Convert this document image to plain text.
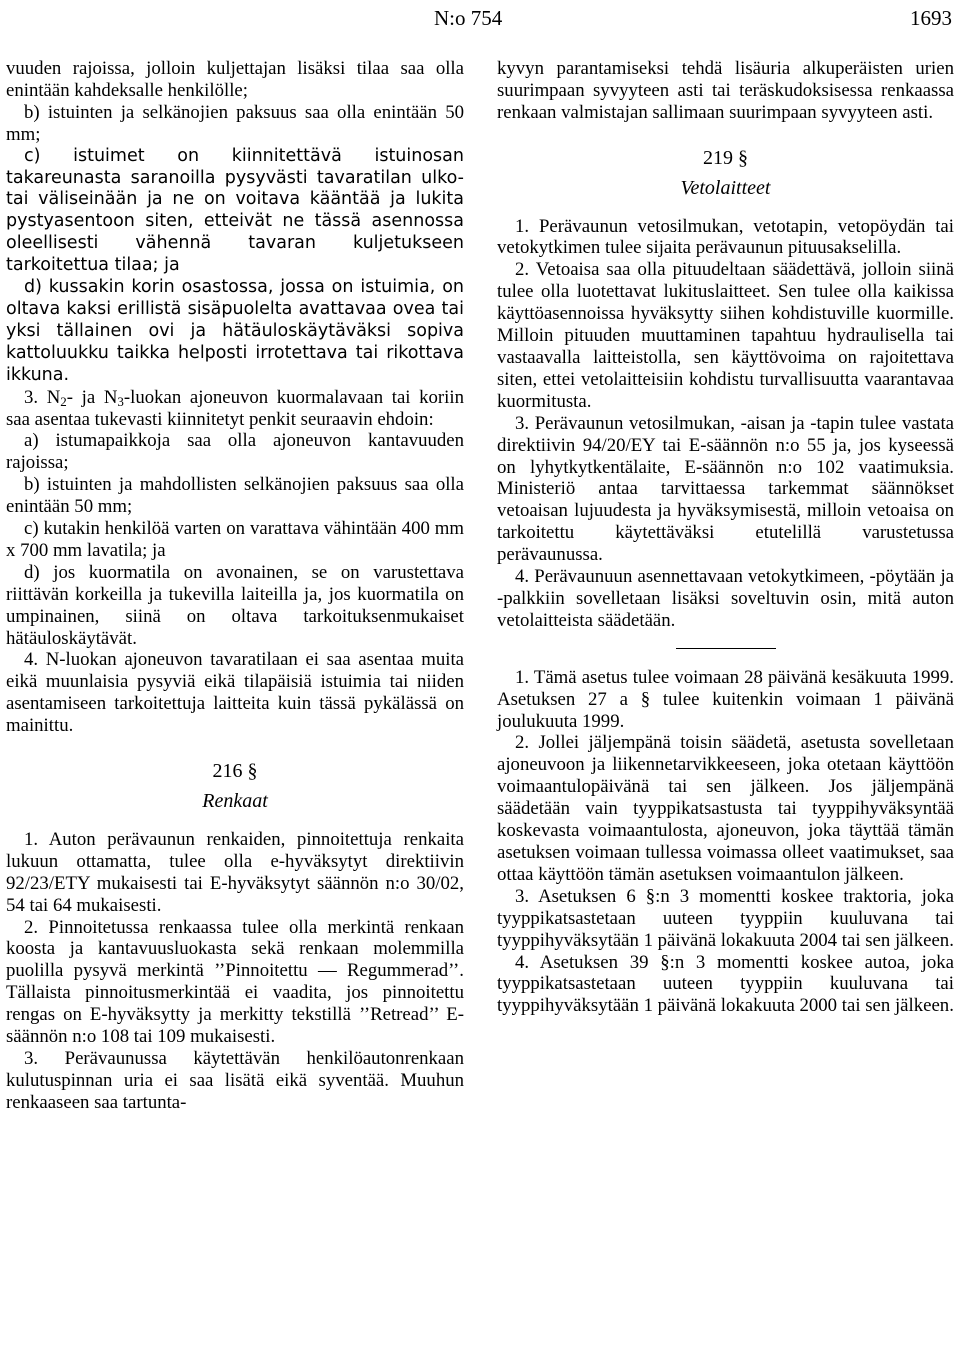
N:o 754	1693

vuuden rajoissa, jolloin kuljettajan lisäksi tilaa saa olla enintään kahdeksalle henkilölle;

b) istuinten ja selkänojien paksuus saa olla enintään 50 mm;

c) istuimet on kiinnitettävä istuinosan takareunasta saranoilla pysyvästi tavaratilan ulko- tai väliseinään ja ne on voitava kääntää ja lukita pystyasentoon siten, etteivät ne tässä asennossa oleellisesti vähennä tavaran kuljetukseen tarkoitettua tilaa; ja

d) kussakin korin osastossa, jossa on istuimia, on oltava kaksi erillistä sisäpuolelta avattavaa ovea tai yksi tällainen ovi ja hätäuloskäytäväksi sopiva kattoluukku taikka helposti irrotettava tai rikottava ikkuna.

3. $N_2-$ ja $N_3$-luokan ajoneuvon kuormalavaan tai koriin saa asentaa tukevasti kiinnitetyt penkit seuraavin ehdoin:

a) istumapaikkoja saa olla ajoneuvon kantavuuden rajoissa;

b) istuinten ja mahdollisten selkänojien paksuus saa olla enintään 50 mm;

c) kutakin henkilöä varten on varattava vähintään 400 mm x 700 mm lavatila; ja

d) jos kuormatila on avonainen, se on varustettava riittävän korkeilla ja tukevilla laiteilla ja, jos kuormatila on umpinainen, siinä on oltava tarkoituksenmukaiset hätäuloskäytävät.

4. N-luokan ajoneuvon tavaratilaan ei saa asentaa muita eikä muunlaisia pysyviä eikä tilapäisiä istuimia tai niiden asentamiseen tarkoitettuja laitteita kuin tässä pykälässä on mainittu.

216 §
Renkaat

1. Auton perävaunun renkaiden, pinnoitettuja renkaita lukuun ottamatta, tulee olla e-hyväksytyt direktiivin 92/23/ETY mukaisesti tai E-hyväksytyt säännön n:o 30/02, 54 tai 64 mukaisesti.

2. Pinnoitetussa renkaassa tulee olla merkintä renkaan koosta ja kantavuusluokasta sekä renkaan molemmilla puolilla pysyvä merkintä ’’Pinnoitettu — Regummerad’’. Tällaista pinnoitusmerkintää ei vaadita, jos pinnoitettu rengas on E-hyväksytty ja merkitty tekstillä ’’Retread’’ E-säännön n:o 108 tai 109 mukaisesti.

3. Perävaunussa käytettävän henkilöautonrenkaan kulutuspinnan uria ei saa lisätä eikä syventää. Muuhun renkaaseen saa tartunta-

kyvyn parantamiseksi tehdä lisäuria alkuperäisten urien suurimpaan syvyyteen asti tai teräskudoksisessa renkaassa renkaan valmistajan sallimaan suurimpaan syvyyteen asti.

219 §
Vetolaitteet

1. Perävaunun vetosilmukan, vetotapin, vetopöydän tai vetokytkimen tulee sijaita perävaunun pituusakselilla.

2. Vetoaisa saa olla pituudeltaan säädettävä, jolloin siinä tulee olla luotettavat lukituslaitteet. Sen tulee olla kaikissa käyttöasennoissa hyväksytty siihen kohdistuville kuormille. Milloin pituuden muuttaminen tapahtuu hydraulisella tai vastaavalla laitteistolla, sen käyttövoima on rajoitettava siten, ettei vetolaitteisiin kohdistu turvallisuutta vaarantavaa kuormitusta.

3. Perävaunun vetosilmukan, -aisan ja -tapin tulee vastata direktiivin 94/20/EY tai E-säännön n:o 55 ja, jos kyseessä on lyhytkytkentälaite, E-säännön n:o 102 vaatimuksia. Ministeriö antaa tarvittaessa tarkemmat säännökset vetoaisan lujuudesta ja hyväksymisestä, milloin vetoaisa on tarkoitettu käytettäväksi etutelillä varustetussa perävaunussa.

4. Perävaunuun asennettavaan vetokytkimeen, -pöytään ja -palkkiin sovelletaan lisäksi soveltuvin osin, mitä auton vetolaitteista säädetään.

1. Tämä asetus tulee voimaan 28 päivänä kesäkuuta 1999. Asetuksen 27 a § tulee kuitenkin voimaan 1 päivänä joulukuuta 1999.

2. Jollei jäljempänä toisin säädetä, asetusta sovelletaan ajoneuvoon ja liikennetarvikkeeseen, joka otetaan käyttöön voimaantulopäivänä tai sen jälkeen. Jos jäljempänä säädetään vain tyyppikatsastusta tai tyyppihyväksyntää koskevasta voimaantulosta, ajoneuvon, joka täyttää tämän asetuksen voimaan tullessa voimassa olleet vaatimukset, saa ottaa käyttöön tämän asetuksen voimaantulon jälkeen.

3. Asetuksen 6 §:n 3 momentti koskee traktoria, joka tyyppikatsastetaan uuteen tyyppiin kuuluvana tai tyyppihyväksytään 1 päivänä lokakuuta 2004 tai sen jälkeen.

4. Asetuksen 39 §:n 3 momentti koskee autoa, joka tyyppikatsastetaan uuteen tyyppiin kuuluvana tai tyyppihyväksytään 1 päivänä lokakuuta 2000 tai sen jälkeen.
